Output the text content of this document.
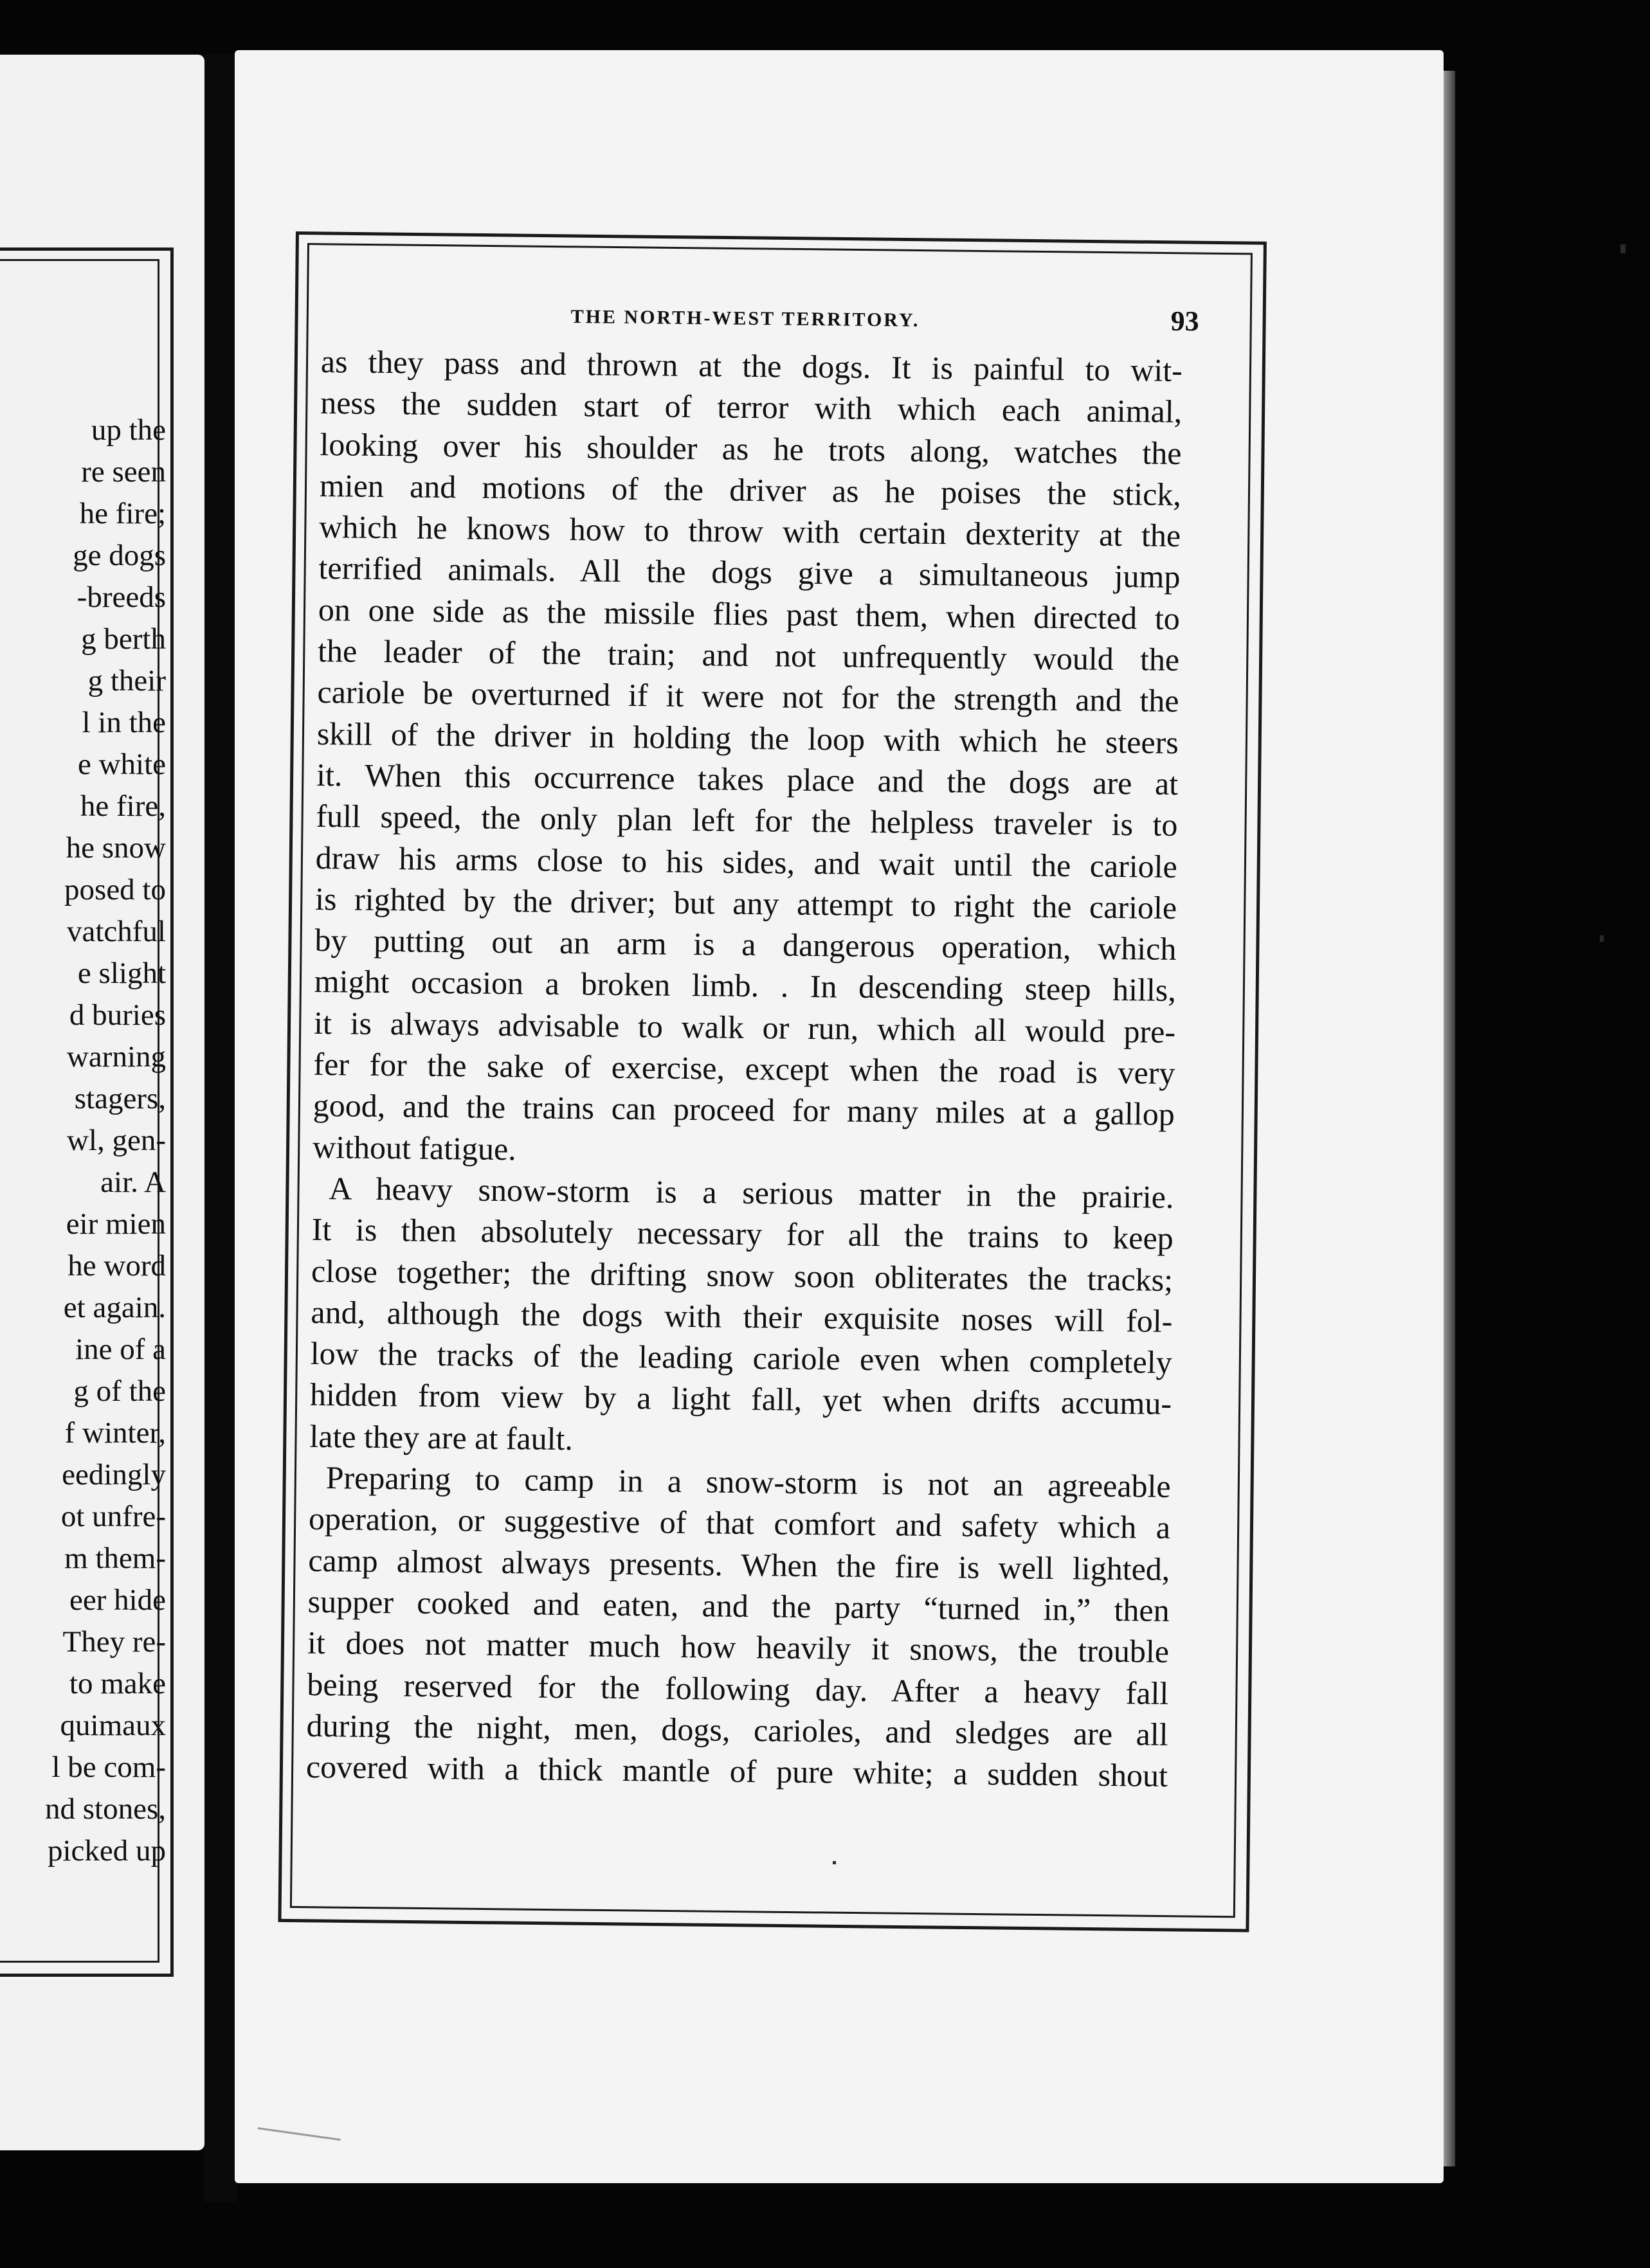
up the
re seen
he fire;
ge dogs
-breeds
g berth
g their
l in the
e white
he fire,
he snow
posed to
vatchful
e slight
d buries
warning
stagers,
wl, gen-
air. A
eir mien
he word
et again.
ine of a
g of the
f winter,
eedingly
ot unfre-
m them-
eer hide
They re-
to make
quimaux
l be com-
nd stones,
picked up
THE NORTH-WEST TERRITORY.	93
as they pass and thrown at the dogs. It is painful to wit-
ness the sudden start of terror with which each animal,
looking over his shoulder as he trots along, watches the
mien and motions of the driver as he poises the stick,
which he knows how to throw with certain dexterity at the
terrified animals. All the dogs give a simultaneous jump
on one side as the missile flies past them, when directed to
the leader of the train; and not unfrequently would the
cariole be overturned if it were not for the strength and the
skill of the driver in holding the loop with which he steers
it. When this occurrence takes place and the dogs are at
full speed, the only plan left for the helpless traveler is to
draw his arms close to his sides, and wait until the cariole
is righted by the driver; but any attempt to right the cariole
by putting out an arm is a dangerous operation, which
might occasion a broken limb. . In descending steep hills,
it is always advisable to walk or run, which all would pre-
fer for the sake of exercise, except when the road is very
good, and the trains can proceed for many miles at a gallop
without fatigue.
A heavy snow-storm is a serious matter in the prairie.
It is then absolutely necessary for all the trains to keep
close together; the drifting snow soon obliterates the tracks;
and, although the dogs with their exquisite noses will fol-
low the tracks of the leading cariole even when completely
hidden from view by a light fall, yet when drifts accumu-
late they are at fault.
Preparing to camp in a snow-storm is not an agreeable
operation, or suggestive of that comfort and safety which a
camp almost always presents. When the fire is well lighted,
supper cooked and eaten, and the party “turned in,” then
it does not matter much how heavily it snows, the trouble
being reserved for the following day. After a heavy fall
during the night, men, dogs, carioles, and sledges are all
covered with a thick mantle of pure white; a sudden shout
